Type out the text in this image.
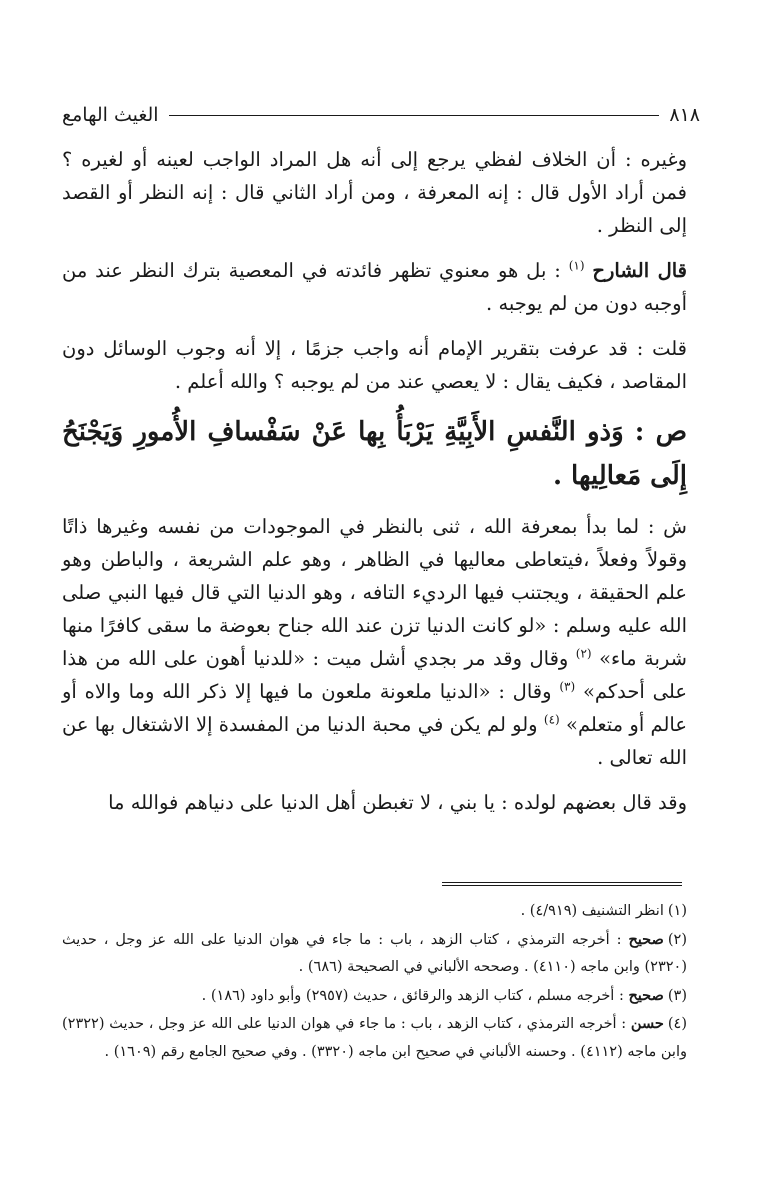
الغيث الهامع	٨١٨

وغيره : أن الخلاف لفظي يرجع إلى أنه هل المراد الواجب لعينه أو لغيره ؟ فمن أراد الأول قال : إنه المعرفة ، ومن أراد الثاني قال : إنه النظر أو القصد إلى النظر .

قال الشارح $^{(١)}$ : بل هو معنوي تظهر فائدته في المعصية بترك النظر عند من أوجبه دون من لم يوجبه .

قلت : قد عرفت بتقرير الإمام أنه واجب جزمًا ، إلا أنه وجوب الوسائل دون المقاصد ، فكيف يقال : لا يعصي عند من لم يوجبه ؟ والله أعلم .

ص : وَذو النَّفسِ الأَبِيَّةِ يَرْبَأُ بِها عَنْ سَفْسافِ الأُمورِ وَيَجْنَحُ إِلَى مَعالِيها .

ش : لما بدأ بمعرفة الله ، ثنى بالنظر في الموجودات من نفسه وغيرها ذاتًا وقولاً وفعلاً ،فيتعاطى معاليها في الظاهر ، وهو علم الشريعة ، والباطن وهو علم الحقيقة ، ويجتنب فيها الرديء التافه ، وهو الدنيا التي قال فيها النبي صلى الله عليه وسلم : «لو كانت الدنيا تزن عند الله جناح بعوضة ما سقى كافرًا منها شربة ماء» $^{(٢)}$ وقال وقد مر بجدي أشل ميت : «للدنيا أهون على الله من هذا على أحدكم» $^{(٣)}$ وقال : «الدنيا ملعونة ملعون ما فيها إلا ذكر الله وما والاه أو عالم أو متعلم» $^{(٤)}$ ولو لم يكن في محبة الدنيا من المفسدة إلا الاشتغال بها عن الله تعالى .

وقد قال بعضهم لولده : يا بني ، لا تغبطن أهل الدنيا على دنياهم فوالله ما

(١)انظر التشنيف (٤/٩١٩) .

(٢)صحيح : أخرجه الترمذي ، كتاب الزهد ، باب : ما جاء في هوان الدنيا على الله عز وجل ، حديث (٢٣٢٠) وابن ماجه (٤١١٠) . وصححه الألباني في الصحيحة (٦٨٦) .

(٣)صحيح : أخرجه مسلم ، كتاب الزهد والرقائق ، حديث (٢٩٥٧) وأبو داود (١٨٦) .

(٤)حسن : أخرجه الترمذي ، كتاب الزهد ، باب : ما جاء في هوان الدنيا على الله عز وجل ، حديث (٢٣٢٢) وابن ماجه (٤١١٢) . وحسنه الألباني في صحيح ابن ماجه (٣٣٢٠) . وفي صحيح الجامع رقم (١٦٠٩) .
